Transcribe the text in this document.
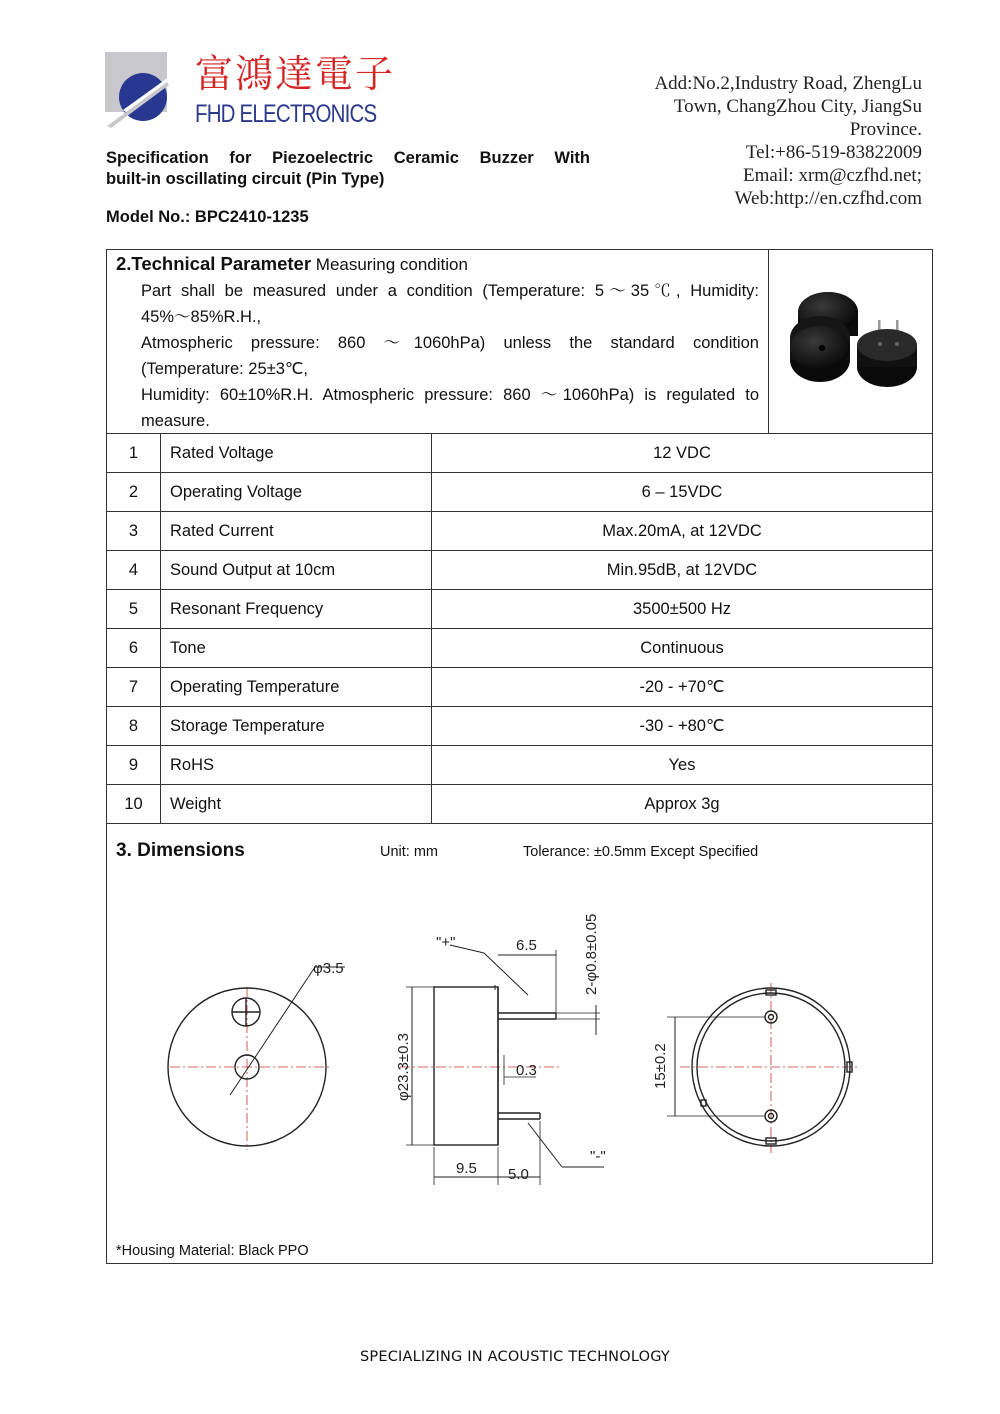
富鴻達電子
FHD ELECTRONICS
Add:No.2,Industry Road, ZhengLu
Town, ChangZhou City, JiangSu
Province.
Tel:+86-519-83822009
Email: xrm@czfhd.net;
Web:http://en.czfhd.com
Specification for Piezoelectric Ceramic Buzzer With
built-in oscillating circuit (Pin Type)
Model No.: BPC2410-1235
2.Technical Parameter Measuring condition

Part shall be measured under a condition (Temperature: 5～35℃, Humidity:

45%～85%R.H.,

Atmospheric pressure: 860 ～1060hPa) unless the standard condition

(Temperature: 25±3℃,

Humidity: 60±10%R.H. Atmospheric pressure: 860 ～1060hPa) is regulated to

measure.

1	Rated Voltage	12 VDC
2	Operating Voltage	6 – 15VDC
3	Rated Current	Max.20mA, at 12VDC
4	Sound Output at 10cm	Min.95dB, at 12VDC
5	Resonant Frequency	3500±500 Hz
6	Tone	Continuous
7	Operating Temperature	-20 - +70℃
8	Storage Temperature	-30 - +80℃
9	RoHS	Yes
10	Weight	Approx 3g
3. Dimensions	Unit: mm	Tolerance: ±0.5mm Except Specified
φ3.5
6.5
"+"
"-"
2-φ0.8±0.05
φ23.3±0.3	0.3
9.5 5.0
15±0.2
*Housing Material: Black PPO
SPECIALIZING IN ACOUSTIC TECHNOLOGY
